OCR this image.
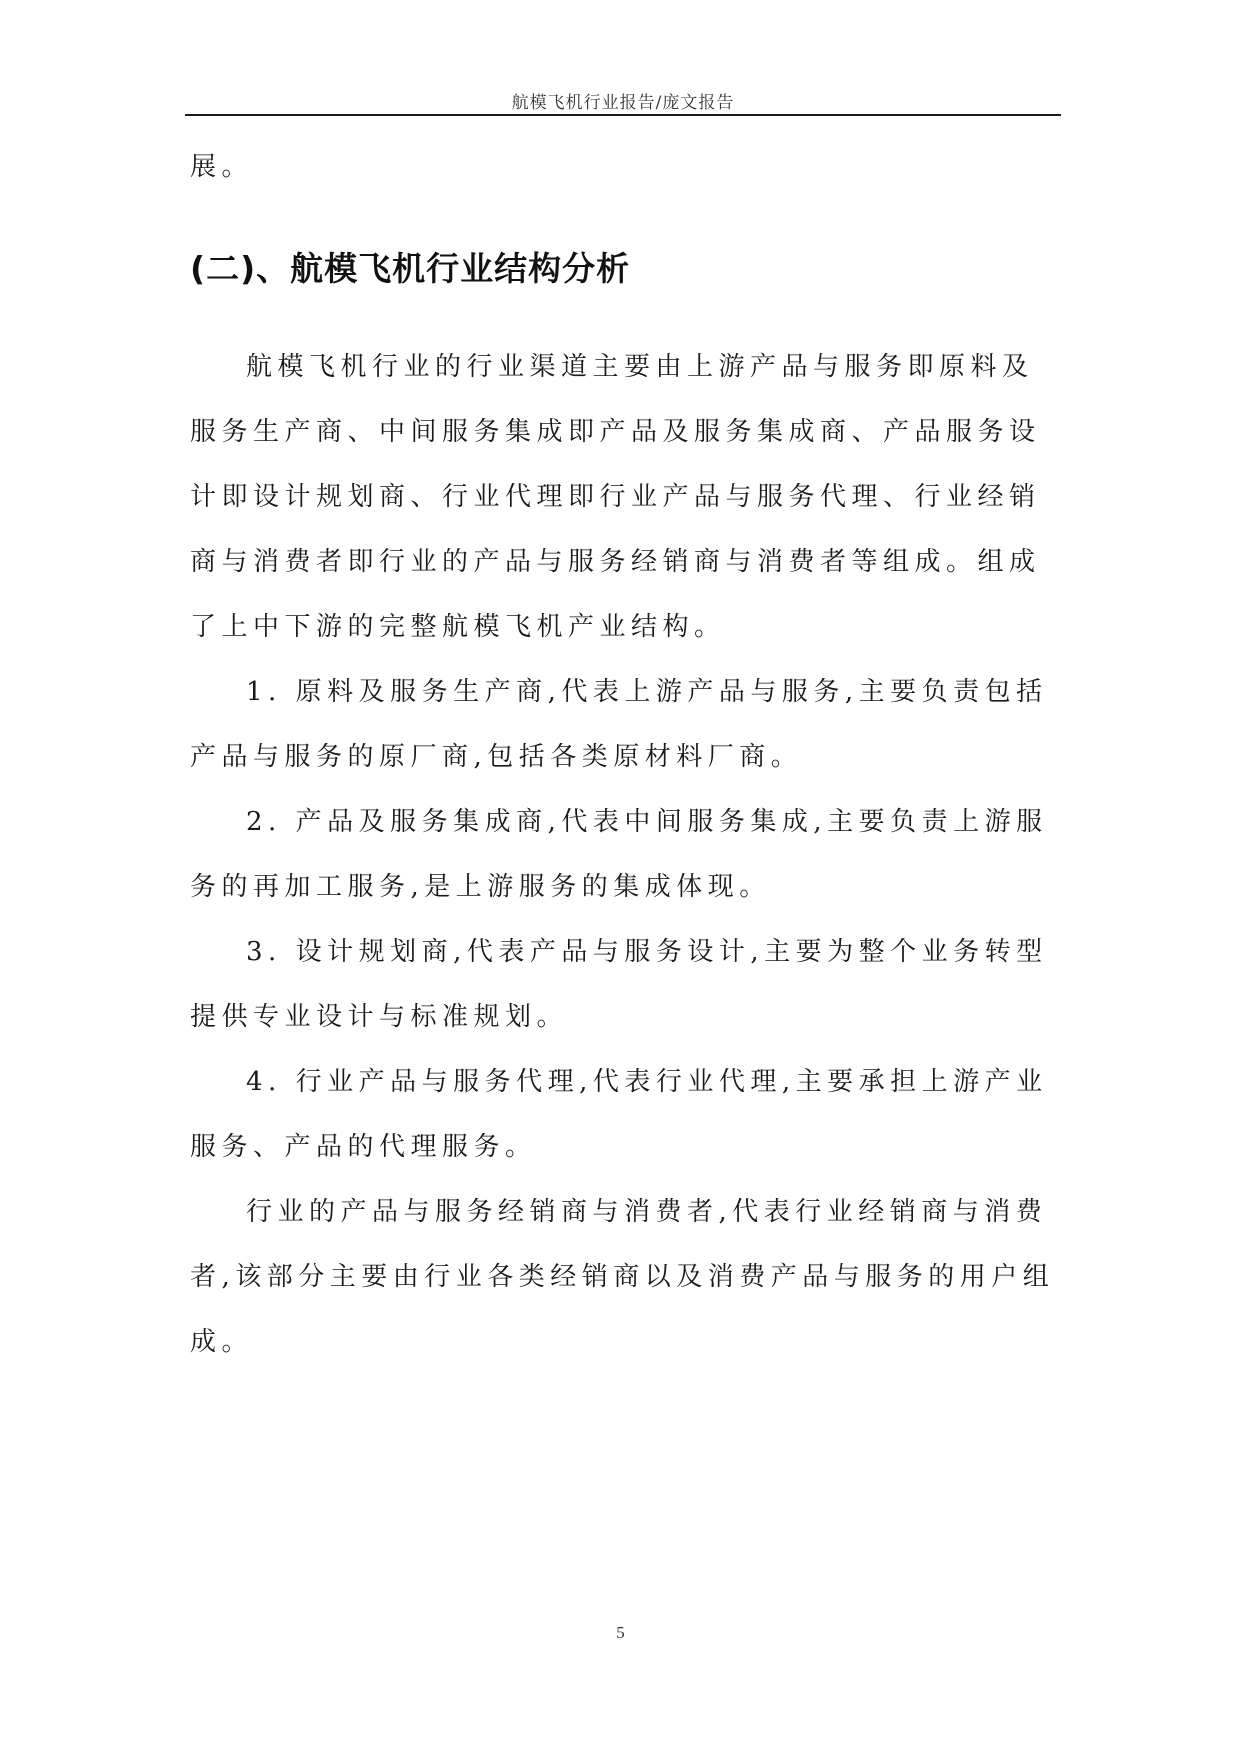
航模飞机行业报告/庞文报告

展。

(二)、航模飞机行业结构分析

航模飞机行业的行业渠道主要由上游产品与服务即原料及服务生产商、中间服务集成即产品及服务集成商、产品服务设计即设计规划商、行业代理即行业产品与服务代理、行业经销商与消费者即行业的产品与服务经销商与消费者等组成。组成了上中下游的完整航模飞机产业结构。

1. 原料及服务生产商,代表上游产品与服务,主要负责包括产品与服务的原厂商,包括各类原材料厂商。

2. 产品及服务集成商,代表中间服务集成,主要负责上游服务的再加工服务,是上游服务的集成体现。

3. 设计规划商,代表产品与服务设计,主要为整个业务转型提供专业设计与标准规划。

4. 行业产品与服务代理,代表行业代理,主要承担上游产业服务、产品的代理服务。

行业的产品与服务经销商与消费者,代表行业经销商与消费者,该部分主要由行业各类经销商以及消费产品与服务的用户组成。

5
